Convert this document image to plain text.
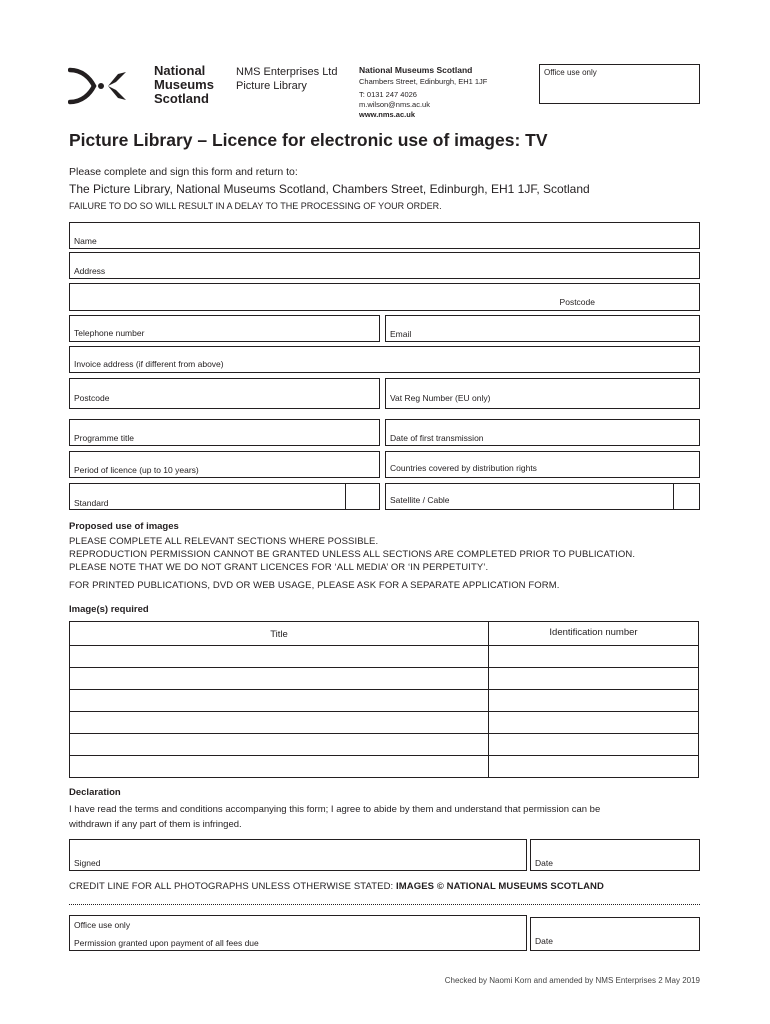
National
Museums
Scotland
NMS Enterprises Ltd
Picture Library
National Museums Scotland
Chambers Street, Edinburgh, EH1 1JF
T: 0131 247 4026
m.wilson@nms.ac.uk
www.nms.ac.uk
Office use only
Picture Library – Licence for electronic use of images: TV
Please complete and sign this form and return to:
The Picture Library, National Museums Scotland, Chambers Street, Edinburgh, EH1 1JF, Scotland
FAILURE TO DO SO WILL RESULT IN A DELAY TO THE PROCESSING OF YOUR ORDER.
Name
Address
Postcode
Telephone number	Email
Invoice address (if different from above)
Postcode	Vat Reg Number (EU only)
Programme title	Date of first transmission
Period of licence (up to 10 years)	Countries covered by distribution rights
Standard	Satellite / Cable
Proposed use of images
PLEASE COMPLETE ALL RELEVANT SECTIONS WHERE POSSIBLE.
REPRODUCTION PERMISSION CANNOT BE GRANTED UNLESS ALL SECTIONS ARE COMPLETED PRIOR TO PUBLICATION.
PLEASE NOTE THAT WE DO NOT GRANT LICENCES FOR ‘ALL MEDIA’ OR ‘IN PERPETUITY’.
FOR PRINTED PUBLICATIONS, DVD OR WEB USAGE, PLEASE ASK FOR A SEPARATE APPLICATION FORM.
Image(s) required
Title	Identification number
Declaration
I have read the terms and conditions accompanying this form; I agree to abide by them and understand that permission can be
withdrawn if any part of them is infringed.
Signed	Date
CREDIT LINE FOR ALL PHOTOGRAPHS UNLESS OTHERWISE STATED: IMAGES © NATIONAL MUSEUMS SCOTLAND
Office use only
Permission granted upon payment of all fees due	Date
Checked by Naomi Korn and amended by NMS Enterprises 2 May 2019
